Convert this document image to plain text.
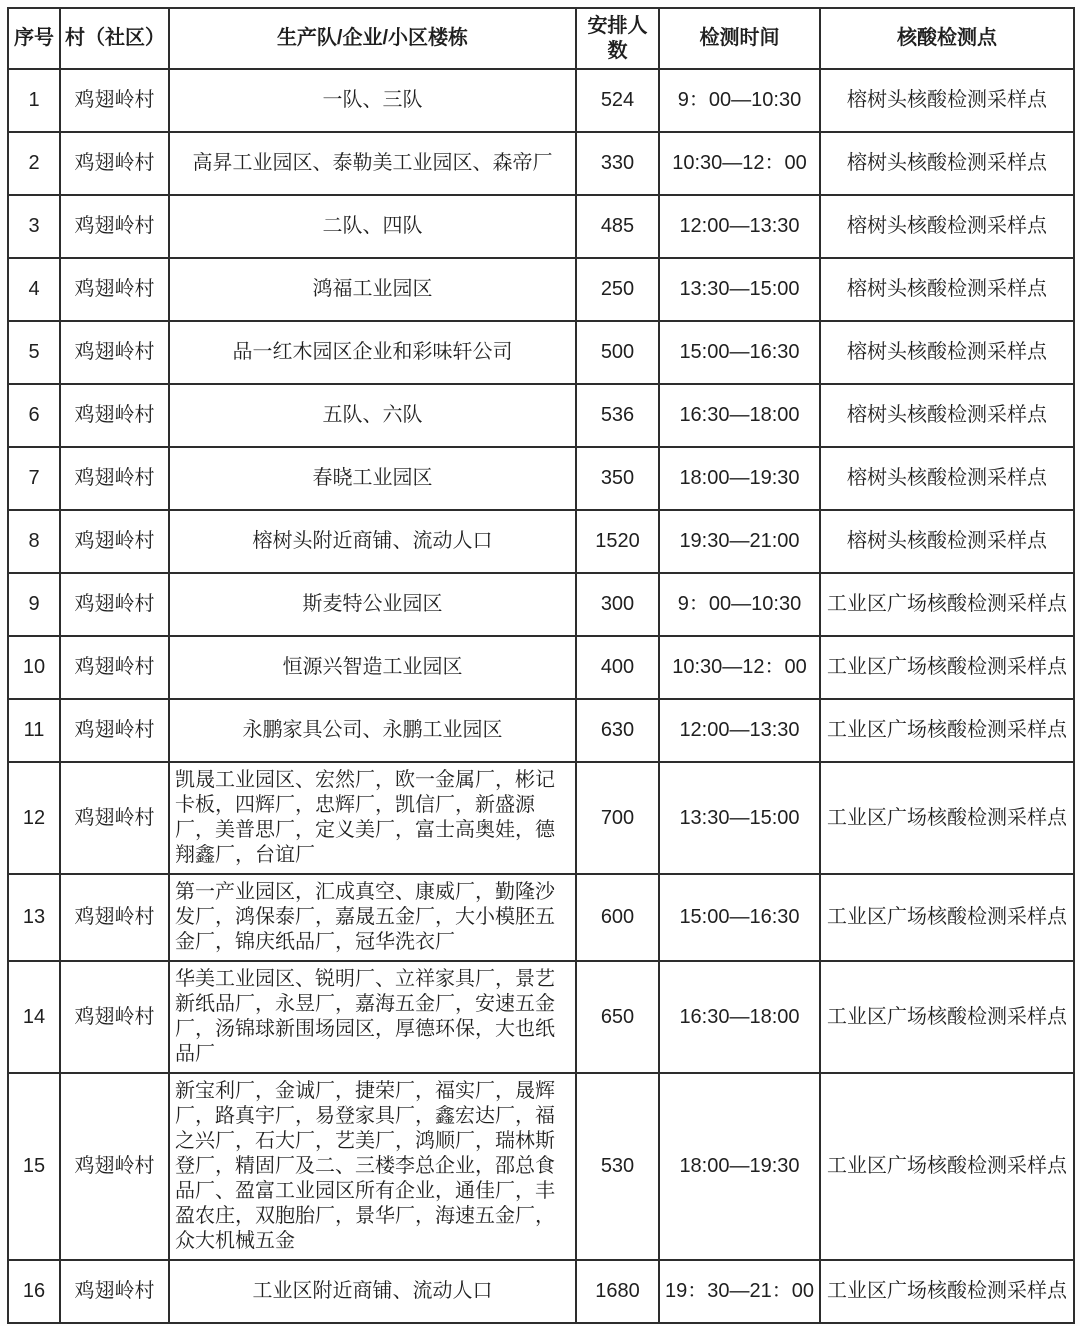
序号	村（社区）	生产队/企业/小区楼栋	安排人数	检测时间	核酸检测点
1	鸡翅岭村	一队、三队	524	9：00—10:30	榕树头核酸检测采样点
2	鸡翅岭村	高昇工业园区、泰勒美工业园区、森帝厂	330	10:30—12：00	榕树头核酸检测采样点
3	鸡翅岭村	二队、四队	485	12:00—13:30	榕树头核酸检测采样点
4	鸡翅岭村	鸿福工业园区	250	13:30—15:00	榕树头核酸检测采样点
5	鸡翅岭村	品一红木园区企业和彩味轩公司	500	15:00—16:30	榕树头核酸检测采样点
6	鸡翅岭村	五队、六队	536	16:30—18:00	榕树头核酸检测采样点
7	鸡翅岭村	春晓工业园区	350	18:00—19:30	榕树头核酸检测采样点
8	鸡翅岭村	榕树头附近商铺、流动人口	1520	19:30—21:00	榕树头核酸检测采样点
9	鸡翅岭村	斯麦特公业园区	300	9：00—10:30	工业区广场核酸检测采样点
10	鸡翅岭村	恒源兴智造工业园区	400	10:30—12：00	工业区广场核酸检测采样点
11	鸡翅岭村	永鹏家具公司、永鹏工业园区	630	12:00—13:30	工业区广场核酸检测采样点
12	鸡翅岭村	凯晟工业园区、宏然厂，欧一金属厂，彬记卡板，四辉厂，忠辉厂，凯信厂，新盛源厂，美普思厂，定义美厂，富士高奥娃，德翔鑫厂，台谊厂	700	13:30—15:00	工业区广场核酸检测采样点
13	鸡翅岭村	第一产业园区，汇成真空、康威厂，勤隆沙发厂，鸿保泰厂，嘉晟五金厂，大小模胚五金厂，锦庆纸品厂，冠华洗衣厂	600	15:00—16:30	工业区广场核酸检测采样点
14	鸡翅岭村	华美工业园区、锐明厂、立祥家具厂，景艺新纸品厂，永昱厂，嘉海五金厂，安速五金厂，汤锦球新围场园区，厚德环保，大也纸品厂	650	16:30—18:00	工业区广场核酸检测采样点
15	鸡翅岭村	新宝利厂，金诚厂，捷荣厂，福实厂，晟辉厂，路真宇厂，易登家具厂，鑫宏达厂，福之兴厂，石大厂，艺美厂，鸿顺厂，瑞林斯登厂，精固厂及二、三楼李总企业，邵总食品厂、盈富工业园区所有企业，通佳厂，丰盈农庄，双胞胎厂，景华厂，海速五金厂，众大机械五金	530	18:00—19:30	工业区广场核酸检测采样点
16	鸡翅岭村	工业区附近商铺、流动人口	1680	19：30—21：00	工业区广场核酸检测采样点
